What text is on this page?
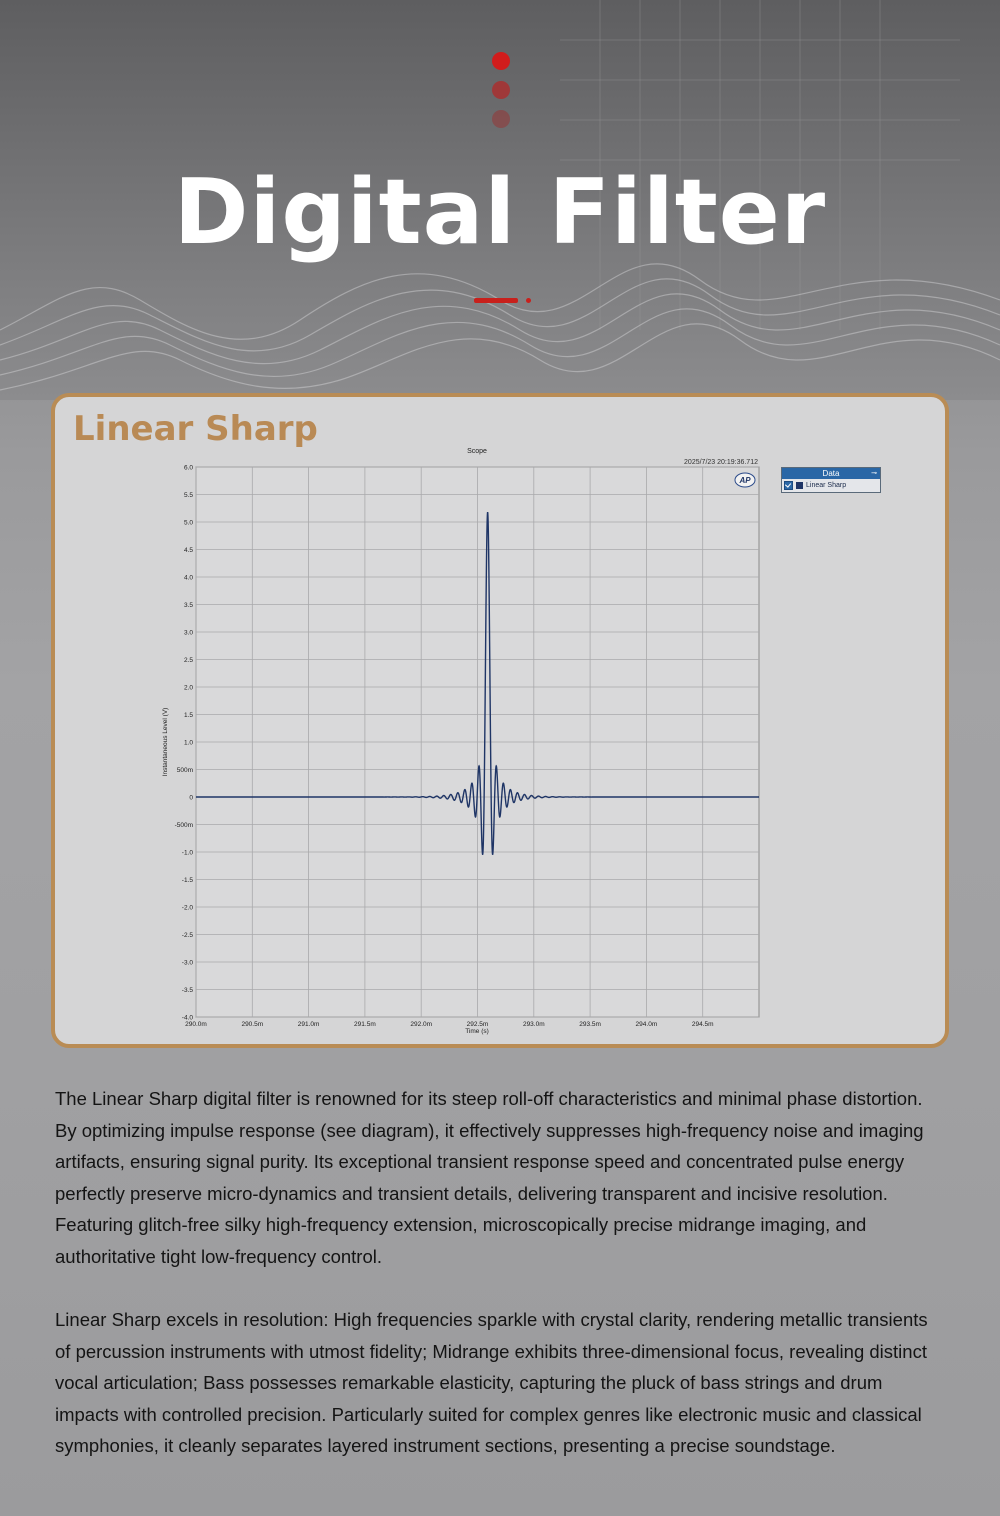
Digital Filter
Linear Sharp
Scope
2025/7/23 20:19:36.712
6.0
5.5
5.0
4.5
4.0
3.5
3.0
2.5
2.0
1.5
1.0
500m
0
-500m
-1.0
-1.5
-2.0
-2.5
-3.0
-3.5
-4.0
290.0m	290.5m	291.0m	291.5m	292.0m	292.5m	293.0m	293.5m	294.0m	294.5m
Instantaneous Level (V)
Time (s)
AP
Data	⊸
Linear Sharp
The Linear Sharp digital filter is renowned for its steep roll-off characteristics and minimal phase distortion. By optimizing impulse response (see diagram), it effectively suppresses high-frequency noise and imaging artifacts, ensuring signal purity. Its exceptional transient response speed and concentrated pulse energy perfectly preserve micro-dynamics and transient details, delivering transparent and incisive resolution. Featuring glitch-free silky high-frequency extension, microscopically precise midrange imaging, and authoritative tight low-frequency control.
Linear Sharp excels in resolution: High frequencies sparkle with crystal clarity, rendering metallic transients of percussion instruments with utmost fidelity; Midrange exhibits three-dimensional focus, revealing distinct vocal articulation; Bass possesses remarkable elasticity, capturing the pluck of bass strings and drum impacts with controlled precision. Particularly suited for complex genres like electronic music and classical symphonies, it cleanly separates layered instrument sections, presenting a precise soundstage.
